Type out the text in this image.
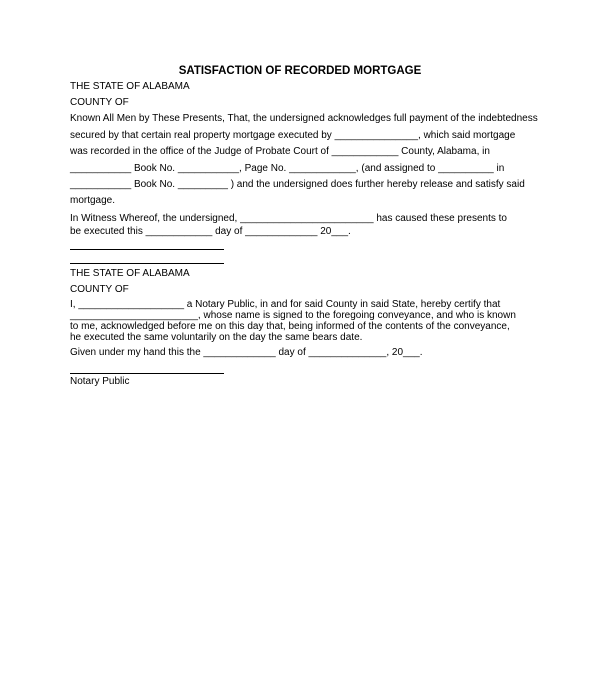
SATISFACTION OF RECORDED MORTGAGE
THE STATE OF ALABAMA
COUNTY OF
Known All Men by These Presents, That, the undersigned acknowledges full payment of the indebtedness
secured by that certain real property mortgage executed by _______________, which said mortgage
was recorded in the office of the Judge of Probate Court of ____________ County, Alabama, in
___________ Book No. ___________, Page No. ____________, (and assigned to __________ in
___________ Book No. _________ ) and the undersigned does further hereby release and satisfy said
mortgage.
In Witness Whereof, the undersigned, ________________________ has caused these presents to
be executed this ____________ day of _____________ 20___.
THE STATE OF ALABAMA
COUNTY OF
I, ___________________ a Notary Public, in and for said County in said State, hereby certify that
_______________________, whose name is signed to the foregoing conveyance, and who is known
to me, acknowledged before me on this day that, being informed of the contents of the conveyance,
he executed the same voluntarily on the day the same bears date.
Given under my hand this the _____________ day of ______________, 20___.
Notary Public
